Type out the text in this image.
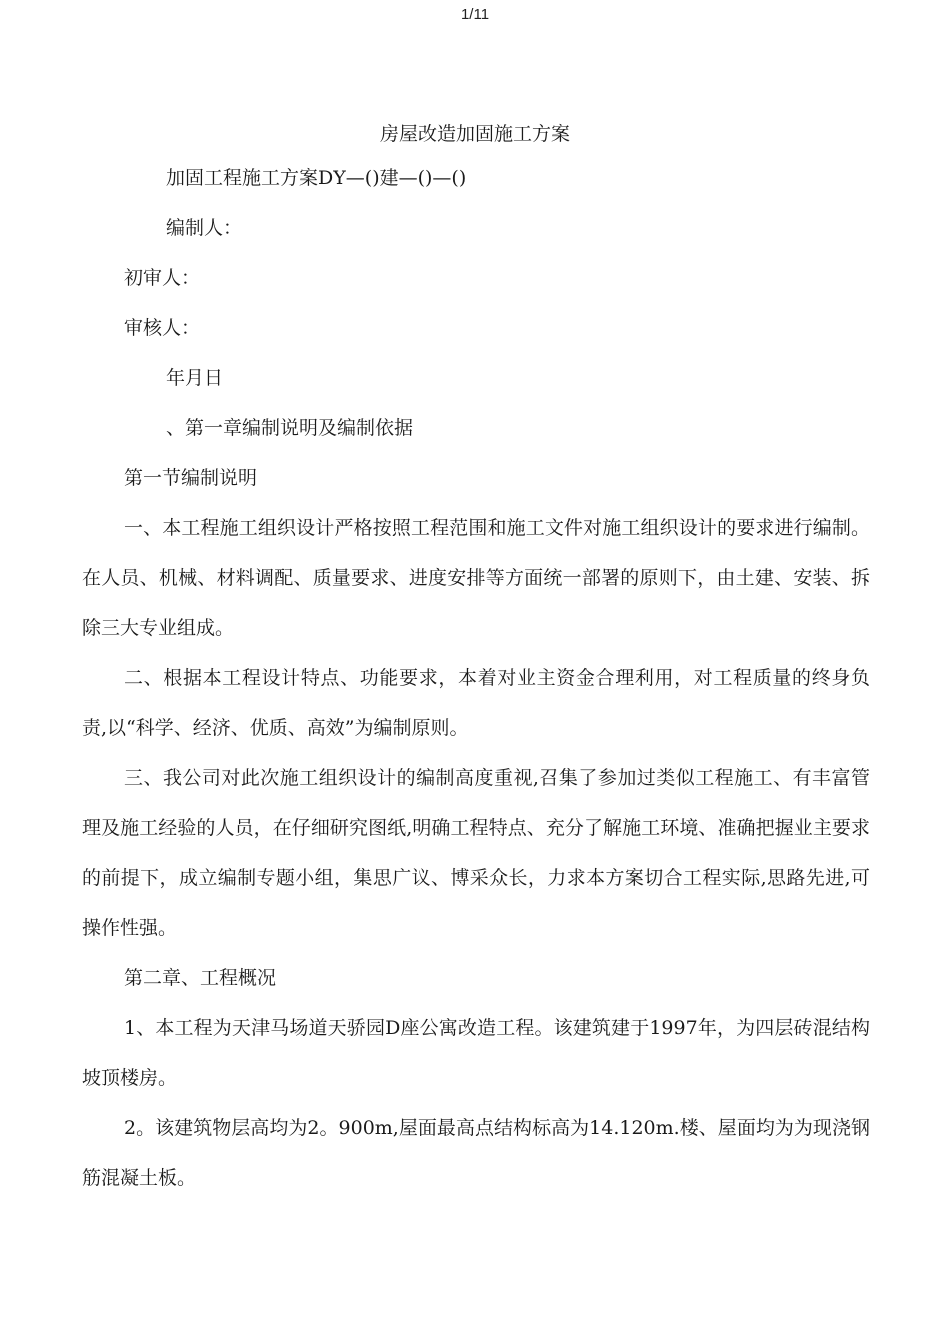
1/11
房屋改造加固施工方案
加固工程施工方案DY—()建—()—()
编制人：
初审人：
审核人：
年月日
、第一章编制说明及编制依据
第一节编制说明
一、本工程施工组织设计严格按照工程范围和施工文件对施工组织设计的要求进行编制。在人员、机械、材料调配、质量要求、进度安排等方面统一部署的原则下，由土建、安装、拆除三大专业组成。
二、根据本工程设计特点、功能要求，本着对业主资金合理利用，对工程质量的终身负责,以“科学、经济、优质、高效”为编制原则。
三、我公司对此次施工组织设计的编制高度重视,召集了参加过类似工程施工、有丰富管理及施工经验的人员，在仔细研究图纸,明确工程特点、充分了解施工环境、准确把握业主要求的前提下，成立编制专题小组，集思广议、博采众长，力求本方案切合工程实际,思路先进,可操作性强。
第二章、工程概况
1、本工程为天津马场道天骄园D座公寓改造工程。该建筑建于1997年，为四层砖混结构坡顶楼房。
2。该建筑物层高均为2。900m,屋面最高点结构标高为14.120m.楼、屋面均为为现浇钢筋混凝土板。
